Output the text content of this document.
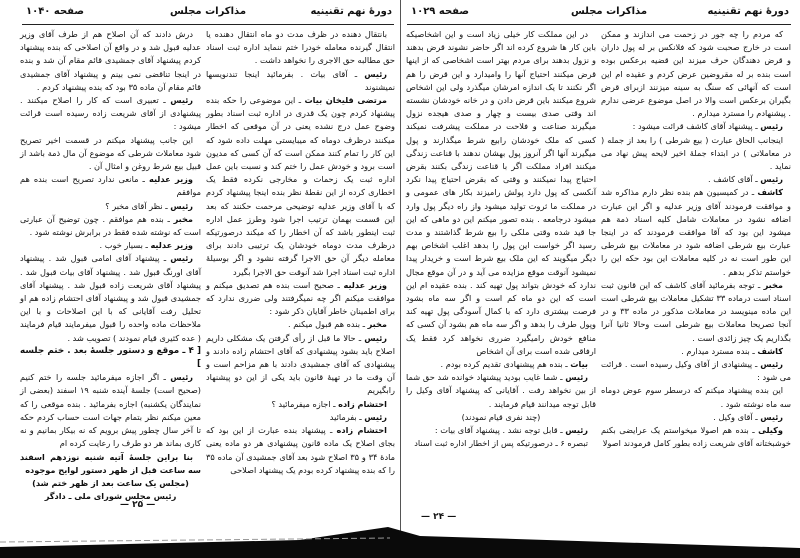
دورهٔ نهم تقنینیه
مذاکرات مجلس
صفحه ۱۰۴۰

بانتقال دهنده در ظرف مدت دو ماه انتقال دهنده یا انتقال گیرنده معامله خودرا ختم ننماید اداره ثبت اسناد حق مطالبه حق الاجری را نخواهد داشت .

رئیس ـ آقای بیات . بفرمائید اینجا تندنویسها نمیشنوند

مرتضی قلیخان بیات ـ این موضوعی را حکه بنده پیشنهاد کردم چون یک قدری در اداره ثبت اسناد بطور وضوح عمل درج نشده یعنی در آن موقعی که اخطار میکنند درظرف دوماه که میبایستی مهلت داده شود که این کار را تمام کنند ممکن است که آن کسی که مدیون است برود و خودش عمل را ختم کند و نسبت باین عمل اداره ثبت یک زحمات و مخارجی نکرده فقط یک اخطاری کرده از این نقطهٔ نظر بنده اینجا پیشنهاد کردم که با آقای وزیر عدلیه توضیحی مرحمت حکنند که بعد این قسمت بهمان ترتیب اجرا شود وطرز عمل اداره ثبت اینطور باشد که آن اخطار را که میکند درصورتیکه درظرف مدت دوماه خودشان یک ترتیبی دادند برای معامله دیگر آن حق الاجرا گرفته نشود و اگر بوسیلهٔ اداره ثبت اسناد اجرا شد آنوقت حق الاجرا بگیرد

وزیر عدلیه ـ صحیح است بنده هم تصدیق میکنم و موافقت میکنم اگر چه نمیگرفتند ولی ضرری ندارد که برای اطمینان خاطر آقایان ذکر شود :

مخبر ـ بنده هم قبول میکنم .

رئیس ـ حالا ما قبل از رأی گرفتن یک مشکلی داریم اصلاح باید بشود پیشنهادی که آقای احتشام زاده دادند و پیشنهادی که آقای جمشیدی دادند با هم مزاحم است و آن وقت ما در تهیهٔ قانون باید یکی از این دو پیشنهاد رابگیریم

احتشام زاده ـ اجازه میفرمائید ؟

رئیس ـ بفرمائید

احتشام زاده ـ پیشنهاد بنده عبارت از این بود که بجای اصلاح یک ماده قانون پیشنهادی هر دو ماده یعنی مادهٔ ۳۴ و ۳۵ اصلاح شود بعد آقای جمشیدی آن ماده ۳۵ را که بنده پیشنهاد کرده بودم یک پیشنهاد اصلاحی

درش دادند که آن اصلاح هم از طرف آقای وزیر عدلیه قبول شد و در واقع آن اصلاحی که بنده پیشنهاد کردم پیشنهاد آقای جمشیدی قائم مقام آن شد و بنده در اینجا تناقضی نمی بینم و پیشنهاد آقای جمشیدی قائم مقام آن ماده ۳۵ بود که بنده پیشنهاد کردم .

رئیس ـ تعبیری است که کار را اصلاح میکنند . پیشنهادی از آقای شریعت زاده رسیده است قرائت میشود :

این جانب پیشنهاد میکنم در قسمت اخیر تصریح شود معاملات شرطی که موضوع آن مال ذمة باشد از قبیل بیع شرط روغن و امثال آن .

وزیر عدلیه ـ مانعی ندارد تصریح است بنده هم موافقم

رئیس ـ نظر آقای مخبر ؟

مخبر ـ بنده هم موافقم . چون توضیح آن عبارتی است که نوشته شده فقط در برابرش نوشته شود .

وزیر عدلیه ـ بسیار خوب .

رئیس ـ پیشنهاد آقای امامی قبول شد . پیشنهاد آقای اورنگ قبول شد . پیشنهاد آقای بیات قبول شد . پیشنهاد آقای شریعت زاده قبول شد . پیشنهاد آقای جمشیدی قبول شد و پیشنهاد آقای احتشام زاده هم او تحلیل رفت آقایانی که با این اصلاحات و با این ملاحظات ماده واحده را قبول میفرمایند قیام فرمایند ( عده کثیری قیام نمودند ) تصویب شد .

[ ۴ ـ موقع و دستور جلسهٔ بعد . ختم جلسه ]

رئیس ـ اگر اجازه میفرمائید جلسه را ختم کنیم (صحیح است) جلسهٔ آینده شنبه ۱۹ اسفند (بعضی از نمایندگان یکشنبه) اجازه بفرمائید . بنده موقعی را که معین میکنم نظر بتمام جهات است حساب کردم حکه تا آخر سال چطور پیش برویم که نه بیکار بمانیم و نه کاری بماند هر دو طرف را رعایت کرده ام

بنا براین جلسهٔ آتیه شنبه نوزدهم اسفند سه ساعت قبل از ظهر دستور لوایح موجوده

(مجلس یک ساعت بعد از ظهر ختم شد)

رئیس مجلس شورای ملی ـ دادگر

— ۲۵ —
دورهٔ نهم تقنینیه
مذاکرات مجلس
صفحه ۱۰۲۹

که مردم را چه جور در زحمت می اندازند و ممکن است در خارج صحبت شود که فلانکس بر له پول داران و قرض دهندگان حرف میزند این قضیه برعکس بوده است بنده بر له مقروضین عرض کردم و عقیده ام این است که آنهائی که سنگ به سینه میزنند ازبرای قرض بگیران برعکس است والا در اصل موضوع عرضی ندارم . پیشنهادم را مسترد میدارم .

رئیس ـ پیشنهاد آقای کاشف قرائت میشود :

اینجانب الحاق عبارت ( بیع شرطی ) را بعد از جمله ( در معاملاتی ) در ابتداء جملهٔ اخیر لایحه پیش نهاد می نماید .

رئیس ـ آقای کاشف .

کاشف ـ در کمیسیون هم بنده نظر دارم مذاکره شد و موافقت فرمودند آقای وزیر عدلیه و اگر این عبارت اضافه نشود در معاملات شامل کلیه اسناد ذمة هم میشود این بود که آقا موافقت فرمودند که در اینجا عبارت بیع شرطی اضافه شود در معاملات بیع شرطی این طور است نه در کلیه معاملات این بود حکه این را خواستم تذکر بدهم .

مخبر ـ توجه بفرمائید آقای کاشف که این قانون ثبت اسناد است درماده ۳۳ تشکیل معاملات بیع شرطی است این ماده مینویسد در معاملات مذکور در ماده ۳۳ و در آنجا تصریحا معاملات بیع شرطی است وحالا ثانیا آنرا بگذاریم یک چیز زائدی است .

کاشف ـ بنده مسترد میدارم .

رئیس ـ پیشنهادی از آقای وکیل رسیده است . قرائت می شود :

این بنده پیشنهاد میکنم که درسطر سوم عوض دوماه سه ماه نوشته شود .

رئیس ـ آقای وکیل .

وکیلی ـ بنده هم اصولا میخواستم یک عرایضی بکنم خوشبختانه آقای شریعت زاده بطور کامل فرمودند اصولا

در این مملکت کار خیلی زیاد است و این اشخاصیکه باین کار ها شروع کرده اند اگر حاضر نشوند قرض بدهند و نزول بدهند برای مردم بهتر است اشخاصی که از اینها قرض میکنند احتیاج آنها را وامیدارد و این قرض را هم اگر نکنند تا یک اندازه امرشان میگذرد ولی این اشخاص شروع میکنند باین قرض دادن و در خانه خودشان نشسته اند وقتی صدی بیست و چهار و صدی هیجده نزول میگیرند صناعت و فلاحت در مملکت پیشرفت نمیکند کسی که ملک خودشان رابیع شرط میگذارند و پول میگیرند آنها اگر آنروز پول بهشان ندهند با قناعت زندگی میکنند افراد مملکت اگر با قناعت زندگی بکنند بقرض احتیاج پیدا نمیکنند و وقتی که بقرض احتیاج پیدا نکرد آنکسی که پول دارد پولش رامیزند بکار های عمومی و در مملکت ما ثروت تولید میشود واز راه دیگر پول وارد میشود درجامعه . بنده تصور میکنم این دو ماهی که این جا قید شده وقتی ملکی را بیع شرط گذاشتند و مدت رسید اگر خواست این پول را بدهد اغلب اشخاص بهم دیگر میگویند که این ملک بیع شرط است و خریدار پیدا نمیشود آنوقت موقع مزایده می آید و در آن موقع مجال ندارد که خودش بتواند پول تهیه کند . بنده عقیده ام این است که این دو ماه کم است و اگر سه ماه بشود فرصت بیشتری دارد که با کمال آسودگی پول تهیه کند وپول طرف را بدهد و اگر سه ماه هم بشود آن کسی که منافع خودش رامیگیرد ضرری نخواهد کرد فقط یک ارفاقی شده است برای آن اشخاص

بیات ـ بنده هم پیشنهادی تقدیم کرده بودم .

رئیس ـ شما غایب بودید پیشنهاد خوانده شد حق شما از بین نخواهد رفت . آقایانی که پیشنهاد آقای وکیل را قابل توجه میدانند قیام فرمایند .

(چند نفری قیام نمودند)

رئیس ـ قابل توجه نشد . پیشنهاد آقای بیات :

تبصره ۶ ـ درصورتیکه پس از اخطار اداره ثبت اسناد

— ۲۴ —
